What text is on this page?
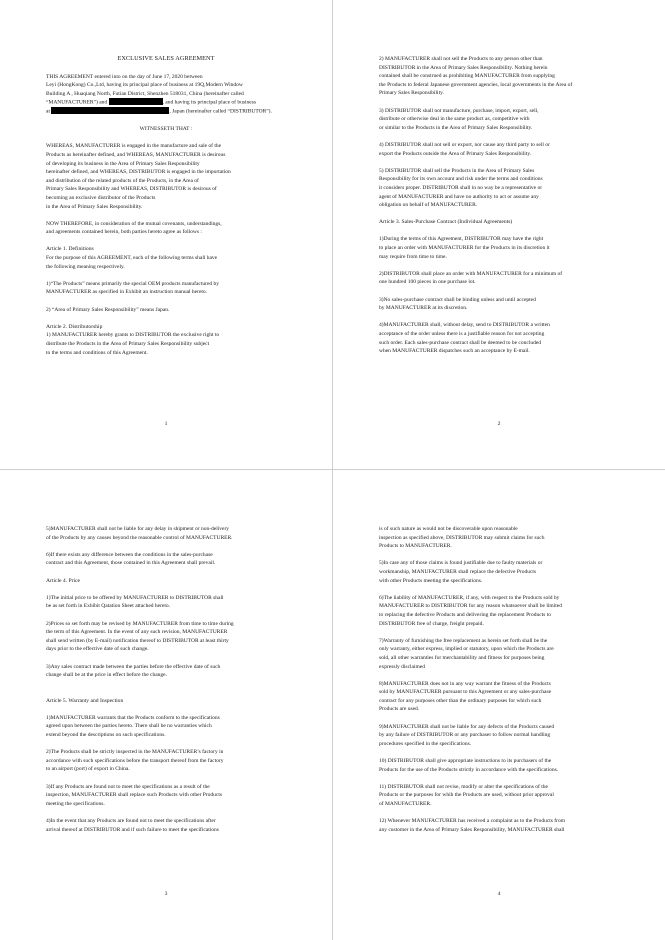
EXCLUSIVE SALES AGREEMENT
THIS AGREEMENT entered into on the day of June 17, 2020 between
Leyi (HongKong) Co.,Ltd, having its principal place of business at 19Q,Modern Window
Building A , Huaqiang North, Futian District, Shenzhen 518031, China (hereinafter called
“MANUFACTURER”) and	, and having its principal place of business
at	, Japan (hereinafter called “DISTRIBUTOR”).
WITNESSETH THAT :
WHEREAS, MANUFACTURER is engaged in the manufacture and sale of the
Products as hereinafter defined, and WHEREAS, MANUFACTURER is desirous
of developing its business in the Area of Primary Sales Responsibility
hereinafter defined, and WHEREAS, DISTRIBUTOR is engaged in the importation
and distribution of the related products of the Products, in the Area of
Primary Sales Responsibility and WHEREAS, DISTRIBUTOR is desirous of
becoming an exclusive distributor of the Products
in the Area of Primary Sales Responsibility.
NOW THEREFORE, in consideration of the mutual covenants, understandings,
and agreements contained herein, both parties hereto agree as follows :
Article 1. Definitions
For the purpose of this AGREEMENT, each of the following terms shall have
the following meaning respectively.
1)“The Products” means primarily the special OEM products manufactured by
MANUFACTURER as specified in Exhibit an instruction manual hereto.
2) “Area of Primary Sales Responsibility” means Japan.
Article 2. Distributorship
1) MANUFACTURER hereby grants to DISTRIBUTOR the exclusive right to
distribute the Products in the Area of Primary Sales Responsibility subject
to the terms and conditions of this Agreement.
1
2) MANUFACTURER shall not sell the Products to any person other than
DISTRIBUTOR in the Area of Primary Sales Responsibility. Nothing herein
contained shall be construed as prohibiting MANUFACTURER from supplying
the Products to federal Japanese government agencies, local governments in the Area of
Primary Sales Responsibility.
3) DISTRIBUTOR shall not manufacture, purchase, import, export, sell,
distribute or otherwise deal in the same product as, competitive with
or similar to the Products in the Area of Primary Sales Responsibility.
4) DISTRIBUTOR shall not sell or export, nor cause any third party to sell or
export the Products outside the Area of Primary Sales Responsibility.
5) DISTRIBUTOR shall sell the Products in the Area of Primary Sales
Responsibility for its own account and risk under the terms and conditions
it considers proper. DISTRIBUTOR shall in no way be a representative or
agent of MANUFACTURER and have no authority to act or assume any
obligation on behalf of MANUFACTURER.
Article 3. Sales-Purchase Contract (Individual Agreements)
1)During the terms of this Agreement, DISTRIBUTOR may have the right
to place an order with MANUFACTURER for the Products in its discretion it
may require from time to time.
2)DISTRIBUTOR shall place an order with MANUFACTURER for a minimum of
one hundred 100 pieces in one purchase lot.
3)No sales-purchase contract shall be binding unless and until accepted
by MANUFACTURER at its discretion.
4)MANUFACTURER shall, without delay, send to DISTRIBUTOR a written
acceptance of the order unless there is a justifiable reason for not accepting
such order. Each sales-purchase contract shall be deemed to be concluded
when MANUFACTURER dispatches such an acceptance by E-mail.
2
5)MANUFACTURER shall not be liable for any delay in shipment or non-delivery
of the Products by any causes beyond the reasonable control of MANUFACTURER.
6)If there exists any difference between the conditions in the sales-purchase
contract and this Agreement, those contained in this Agreement shall prevail.
Article 4. Price
1)The initial price to be offered by MANUFACTURER to DISTRIBUTOR shall
be as set forth in Exhibit Qatation Sheet attached hereto.
2)Prices so set forth may be revised by MANUFACTURER from time to time during
the term of this Agreement. In the event of any such revision, MANUFACTURER
shall send written (by E-mail) notification thereof to DISTRIBUTOR at least thirty
days prior to the effective date of such change.
3)Any sales contract made between the parties before the effective date of such
change shall be at the price in effect before the change.
Article 5. Warranty and Inspection
1)MANUFACTURER warrants that the Products conform to the specifications
agreed upon between the parties hereto. There shall be no warranties which
extend beyond the descriptions on such specifications.
2)The Products shall be strictly inspected in the MANUFACTURER’s factory in
accordance with such specifications before the transport thereof from the factory
to an airport (port) of export in China.
3)If any Products are found not to meet the specifications as a result of the
inspection, MANUFACTURER shall replace such Products with other Products
meeting the specifications.
4)In the event that any Products are found not to meet the specifications after
arrival thereof at DISTRIBUTOR and if such failure to meet the specifications
3
is of such nature as would not be discoverable upon reasonable
inspection as specified above, DISTRIBUTOR may submit claims for such
Products to MANUFACTURER.
5)In case any of those claims is found justifiable due to faulty materials or
workmanship, MANUFACTURER shall replace the defective Products
with other Products meeting the specifications.
6)The liability of MANUFACTURER, if any, with respect to the Products sold by
MANUFACTURER to DISTRIBUTOR for any reason whatsoever shall be limited
to replacing the defective Products and delivering the replacement Products to
DISTRIBUTOR free of charge, freight prepaid.
7)Warranty of furnishing the free replacement as herein set forth shall be the
only warranty, either express, implied or statutory, upon which the Products are
sold, all other warranties for merchantability and fitness for purposes being
expressly disclaimed
8)MANUFACTURER does not in any way warrant the fitness of the Products
sold by MANUFACTURER pursuant to this Agreement or any sales-purchase
contract for any purposes other than the ordinary purposes for which such
Products are used.
9)MANUFACTURER shall not be liable for any defects of the Products caused
by any failure of DISTRIBUTOR or any purchaser to follow normal handling
procedures specified in the specifications.
10) DISTRIBUTOR shall give appropriate instructions to its purchasers of the
Products for the use of the Products strictly in accordance with the specifications.
11) DISTRIBUTOR shall not revise, modify or alter the specifications of the
Products or the purposes for whih the Products are used, without prior approval
of MANUFACTURER.
12) Whenever MANUFACTURER has received a complaint as to the Products from
any customer in the Area of Primary Sales Responsibility, MANUFACTURER shall
4
